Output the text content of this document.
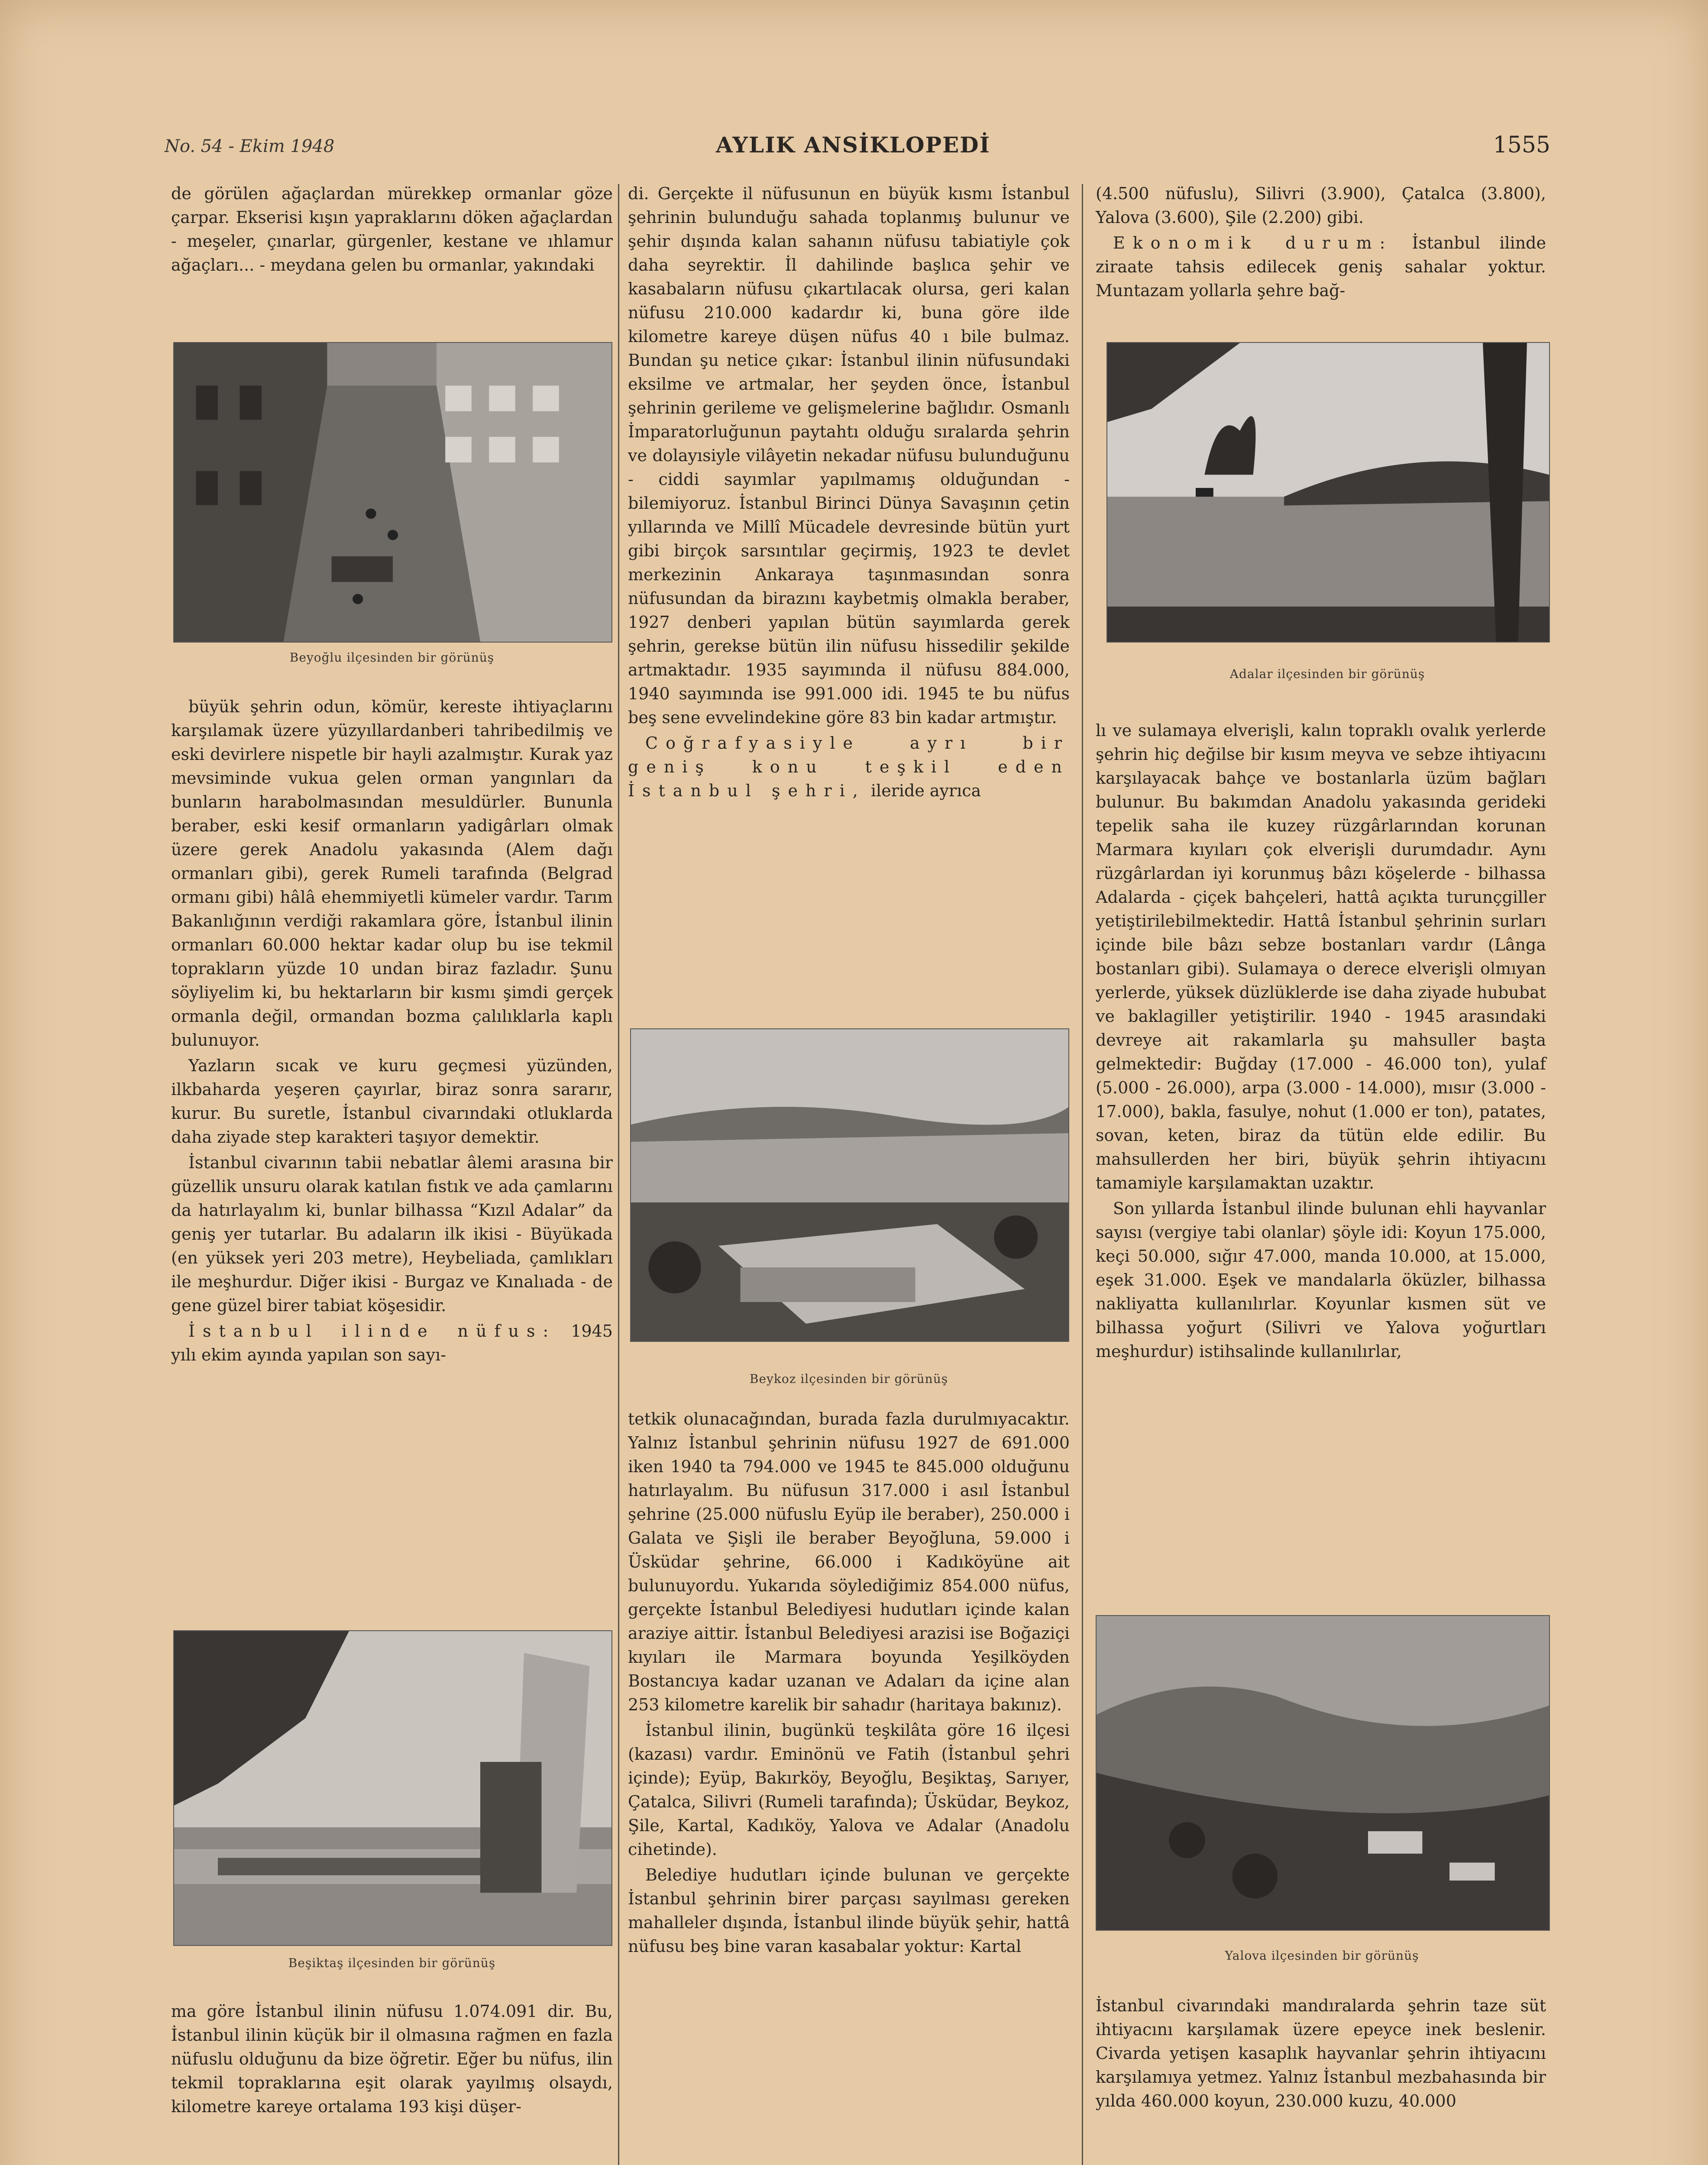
No. 54 - Ekim 1948	AYLIK ANSİKLOPEDİ	1555

de görülen ağaçlardan mürekkep ormanlar göze çarpar. Ekserisi kışın yapraklarını döken ağaçlardan - meşeler, çınarlar, gürgenler, kestane ve ıhlamur ağaçları... - meydana gelen bu ormanlar, yakındaki

Beyoğlu ilçesinden bir görünüş

büyük şehrin odun, kömür, kereste ihtiyaçlarını karşılamak üzere yüzyıllardanberi tahribedilmiş ve eski devirlere nispetle bir hayli azalmıştır. Kurak yaz mevsiminde vukua gelen orman yangınları da bunların harabolmasından mesuldürler. Bununla beraber, eski kesif ormanların yadigârları olmak üzere gerek Anadolu yakasında (Alem dağı ormanları gibi), gerek Rumeli tarafında (Belgrad ormanı gibi) hâlâ ehemmiyetli kümeler vardır. Tarım Bakanlığının verdiği rakamlara göre, İstanbul ilinin ormanları 60.000 hektar kadar olup bu ise tekmil toprakların yüzde 10 undan biraz fazladır. Şunu söyliyelim ki, bu hektarların bir kısmı şimdi gerçek ormanla değil, ormandan bozma çalılıklarla kaplı bulunuyor.

Yazların sıcak ve kuru geçmesi yüzünden, ilkbaharda yeşeren çayırlar, biraz sonra sararır, kurur. Bu suretle, İstanbul civarındaki otluklarda daha ziyade step karakteri taşıyor demektir.

İstanbul civarının tabii nebatlar âlemi arasına bir güzellik unsuru olarak katılan fıstık ve ada çamlarını da hatırlayalım ki, bunlar bilhassa “Kızıl Adalar” da geniş yer tutarlar. Bu adaların ilk ikisi - Büyükada (en yüksek yeri 203 metre), Heybeliada, çamlıkları ile meşhurdur. Diğer ikisi - Burgaz ve Kınalıada - de gene güzel birer tabiat köşesidir.

İstanbul ilinde nüfus: 1945 yılı ekim ayında yapılan son sayı-

Beşiktaş ilçesinden bir görünüş

ma göre İstanbul ilinin nüfusu 1.074.091 dir. Bu, İstanbul ilinin küçük bir il olmasına rağmen en fazla nüfuslu olduğunu da bize öğretir. Eğer bu nüfus, ilin tekmil topraklarına eşit olarak yayılmış olsaydı, kilometre kareye ortalama 193 kişi düşer-

di. Gerçekte il nüfusunun en büyük kısmı İstanbul şehrinin bulunduğu sahada toplanmış bulunur ve şehir dışında kalan sahanın nüfusu tabiatiyle çok daha seyrektir. İl dahilinde başlıca şehir ve kasabaların nüfusu çıkartılacak olursa, geri kalan nüfusu 210.000 kadardır ki, buna göre ilde kilometre kareye düşen nüfus 40 ı bile bulmaz. Bundan şu netice çıkar: İstanbul ilinin nüfusundaki eksilme ve artmalar, her şeyden önce, İstanbul şehrinin gerileme ve gelişmelerine bağlıdır. Osmanlı İmparatorluğunun paytahtı olduğu sıralarda şehrin ve dolayısiyle vilâyetin nekadar nüfusu bulunduğunu - ciddi sayımlar yapılmamış olduğundan - bilemiyoruz. İstanbul Birinci Dünya Savaşının çetin yıllarında ve Millî Mücadele devresinde bütün yurt gibi birçok sarsıntılar geçirmiş, 1923 te devlet merkezinin Ankaraya taşınmasından sonra nüfusundan da birazını kaybetmiş olmakla beraber, 1927 denberi yapılan bütün sayımlarda gerek şehrin, gerekse bütün ilin nüfusu hissedilir şekilde artmaktadır. 1935 sayımında il nüfusu 884.000, 1940 sayımında ise 991.000 idi. 1945 te bu nüfus beş sene evvelindekine göre 83 bin kadar artmıştır.

Coğrafyasiyle ayrı bir geniş konu teşkil eden İstanbul şehri, ileride ayrıca

Beykoz ilçesinden bir görünüş

tetkik olunacağından, burada fazla durulmıyacaktır. Yalnız İstanbul şehrinin nüfusu 1927 de 691.000 iken 1940 ta 794.000 ve 1945 te 845.000 olduğunu hatırlayalım. Bu nüfusun 317.000 i asıl İstanbul şehrine (25.000 nüfuslu Eyüp ile beraber), 250.000 i Galata ve Şişli ile beraber Beyoğluna, 59.000 i Üsküdar şehrine, 66.000 i Kadıköyüne ait bulunuyordu. Yukarıda söylediğimiz 854.000 nüfus, gerçekte İstanbul Belediyesi hudutları içinde kalan araziye aittir. İstanbul Belediyesi arazisi ise Boğaziçi kıyıları ile Marmara boyunda Yeşilköyden Bostancıya kadar uzanan ve Adaları da içine alan 253 kilometre karelik bir sahadır (haritaya bakınız).

İstanbul ilinin, bugünkü teşkilâta göre 16 ilçesi (kazası) vardır. Eminönü ve Fatih (İstanbul şehri içinde); Eyüp, Bakırköy, Beyoğlu, Beşiktaş, Sarıyer, Çatalca, Silivri (Rumeli tarafında); Üsküdar, Beykoz, Şile, Kartal, Kadıköy, Yalova ve Adalar (Anadolu cihetinde).

Belediye hudutları içinde bulunan ve gerçekte İstanbul şehrinin birer parçası sayılması gereken mahalleler dışında, İstanbul ilinde büyük şehir, hattâ nüfusu beş bine varan kasabalar yoktur: Kartal

(4.500 nüfuslu), Silivri (3.900), Çatalca (3.800), Yalova (3.600), Şile (2.200) gibi.

Ekonomik durum: İstanbul ilinde ziraate tahsis edilecek geniş sahalar yoktur. Muntazam yollarla şehre bağ-

Adalar ilçesinden bir görünüş

lı ve sulamaya elverişli, kalın topraklı ovalık yerlerde şehrin hiç değilse bir kısım meyva ve sebze ihtiyacını karşılayacak bahçe ve bostanlarla üzüm bağları bulunur. Bu bakımdan Anadolu yakasında gerideki tepelik saha ile kuzey rüzgârlarından korunan Marmara kıyıları çok elverişli durumdadır. Aynı rüzgârlardan iyi korunmuş bâzı köşelerde - bilhassa Adalarda - çiçek bahçeleri, hattâ açıkta turunçgiller yetiştirilebilmektedir. Hattâ İstanbul şehrinin surları içinde bile bâzı sebze bostanları vardır (Lânga bostanları gibi). Sulamaya o derece elverişli olmıyan yerlerde, yüksek düzlüklerde ise daha ziyade hububat ve baklagiller yetiştirilir. 1940 - 1945 arasındaki devreye ait rakamlarla şu mahsuller başta gelmektedir: Buğday (17.000 - 46.000 ton), yulaf (5.000 - 26.000), arpa (3.000 - 14.000), mısır (3.000 - 17.000), bakla, fasulye, nohut (1.000 er ton), patates, sovan, keten, biraz da tütün elde edilir. Bu mahsullerden her biri, büyük şehrin ihtiyacını tamamiyle karşılamaktan uzaktır.

Son yıllarda İstanbul ilinde bulunan ehli hayvanlar sayısı (vergiye tabi olanlar) şöyle idi: Koyun 175.000, keçi 50.000, sığır 47.000, manda 10.000, at 15.000, eşek 31.000. Eşek ve mandalarla öküzler, bilhassa nakliyatta kullanılırlar. Koyunlar kısmen süt ve bilhassa yoğurt (Silivri ve Yalova yoğurtları meşhurdur) istihsalinde kullanılırlar,

Yalova ilçesinden bir görünüş

İstanbul civarındaki mandıralarda şehrin taze süt ihtiyacını karşılamak üzere epeyce inek beslenir. Civarda yetişen kasaplık hayvanlar şehrin ihtiyacını karşılamıya yetmez. Yalnız İstanbul mezbahasında bir yılda 460.000 koyun, 230.000 kuzu, 40.000
